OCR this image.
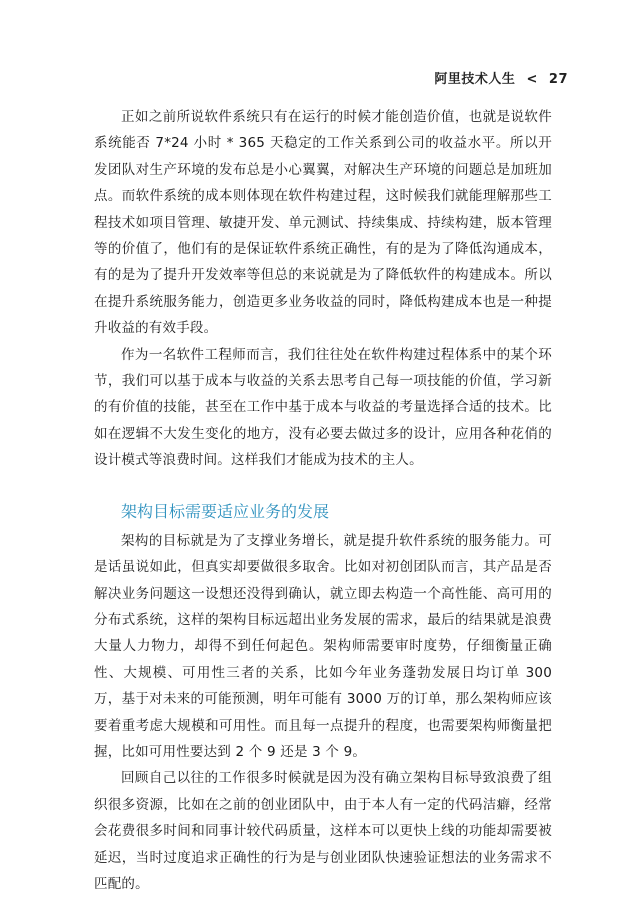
阿里技术人生 < 27

正如之前所说软件系统只有在运行的时候才能创造价值，也就是说软件系统能否 7*24 小时 * 365 天稳定的工作关系到公司的收益水平。所以开发团队对生产环境的发布总是小心翼翼，对解决生产环境的问题总是加班加点。而软件系统的成本则体现在软件构建过程，这时候我们就能理解那些工程技术如项目管理、敏捷开发、单元测试、持续集成、持续构建，版本管理等的价值了，他们有的是保证软件系统正确性，有的是为了降低沟通成本，有的是为了提升开发效率等但总的来说就是为了降低软件的构建成本。所以在提升系统服务能力，创造更多业务收益的同时，降低构建成本也是一种提升收益的有效手段。

作为一名软件工程师而言，我们往往处在软件构建过程体系中的某个环节，我们可以基于成本与收益的关系去思考自己每一项技能的价值，学习新的有价值的技能，甚至在工作中基于成本与收益的考量选择合适的技术。比如在逻辑不大发生变化的地方，没有必要去做过多的设计，应用各种花俏的设计模式等浪费时间。这样我们才能成为技术的主人。

架构目标需要适应业务的发展

架构的目标就是为了支撑业务增长，就是提升软件系统的服务能力。可是话虽说如此，但真实却要做很多取舍。比如对初创团队而言，其产品是否解决业务问题这一设想还没得到确认，就立即去构造一个高性能、高可用的分布式系统，这样的架构目标远超出业务发展的需求，最后的结果就是浪费大量人力物力，却得不到任何起色。架构师需要审时度势，仔细衡量正确性、大规模、可用性三者的关系，比如今年业务蓬勃发展日均订单 300 万，基于对未来的可能预测，明年可能有 3000 万的订单，那么架构师应该要着重考虑大规模和可用性。而且每一点提升的程度，也需要架构师衡量把握，比如可用性要达到 2 个 9 还是 3 个 9。

回顾自己以往的工作很多时候就是因为没有确立架构目标导致浪费了组织很多资源，比如在之前的创业团队中，由于本人有一定的代码洁癖，经常会花费很多时间和同事计较代码质量，这样本可以更快上线的功能却需要被延迟，当时过度追求正确性的行为是与创业团队快速验证想法的业务需求不匹配的。
